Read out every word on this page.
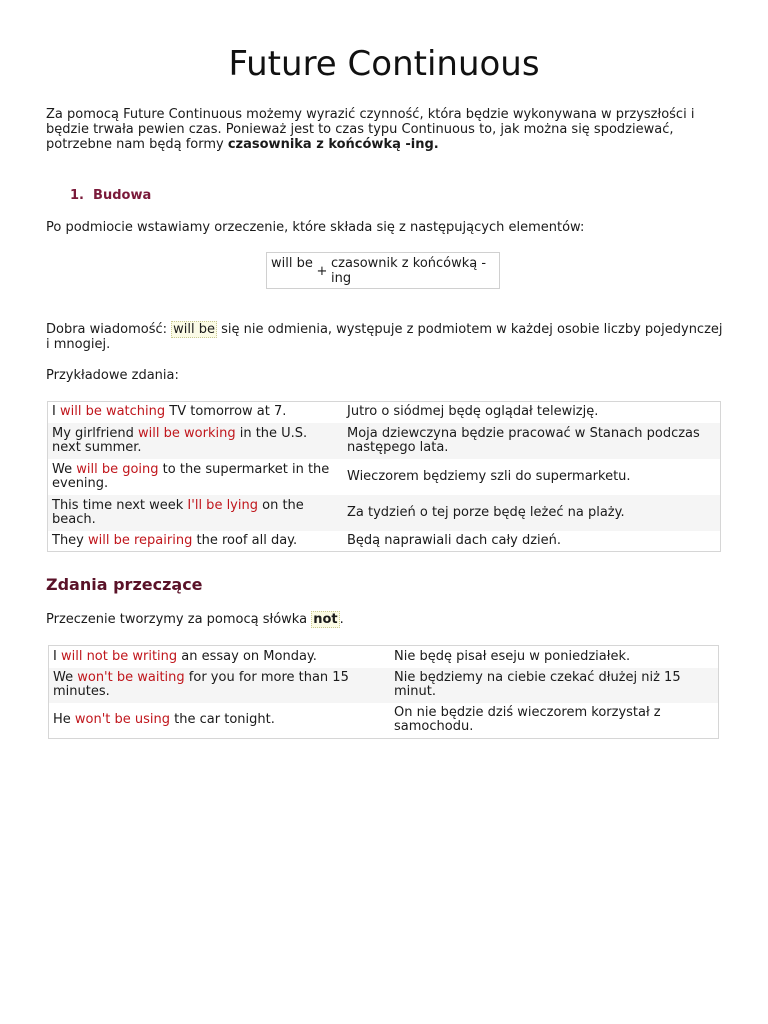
Future Continuous

Za pomocą Future Continuous możemy wyrazić czynność, która będzie wykonywana w przyszłości i będzie trwała pewien czas. Ponieważ jest to czas typu Continuous to, jak można się spodziewać, potrzebne nam będą formy czasownika z końcówką -ing.

1. Budowa

Po podmiocie wstawiamy orzeczenie, które składa się z następujących elementów:

will be
+
czasownik z końcówką -ing

Dobra wiadomość: will be się nie odmienia, występuje z podmiotem w każdej osobie liczby pojedynczej i mnogiej.

Przykładowe zdania:

I will be watching TV tomorrow at 7.	Jutro o siódmej będę oglądał telewizję.
My girlfriend will be working in the U.S. next summer.	Moja dziewczyna będzie pracować w Stanach podczas następego lata.
We will be going to the supermarket in the evening.	Wieczorem będziemy szli do supermarketu.
This time next week I'll be lying on the beach.	Za tydzień o tej porze będę leżeć na plaży.
They will be repairing the roof all day.	Będą naprawiali dach cały dzień.
Zdania przeczące

Przeczenie tworzymy za pomocą słówka not .

I will not be writing an essay on Monday.	Nie będę pisał eseju w poniedziałek.
We won't be waiting for you for more than 15 minutes.	Nie będziemy na ciebie czekać dłużej niż 15 minut.
He won't be using the car tonight.	On nie będzie dziś wieczorem korzystał z samochodu.
